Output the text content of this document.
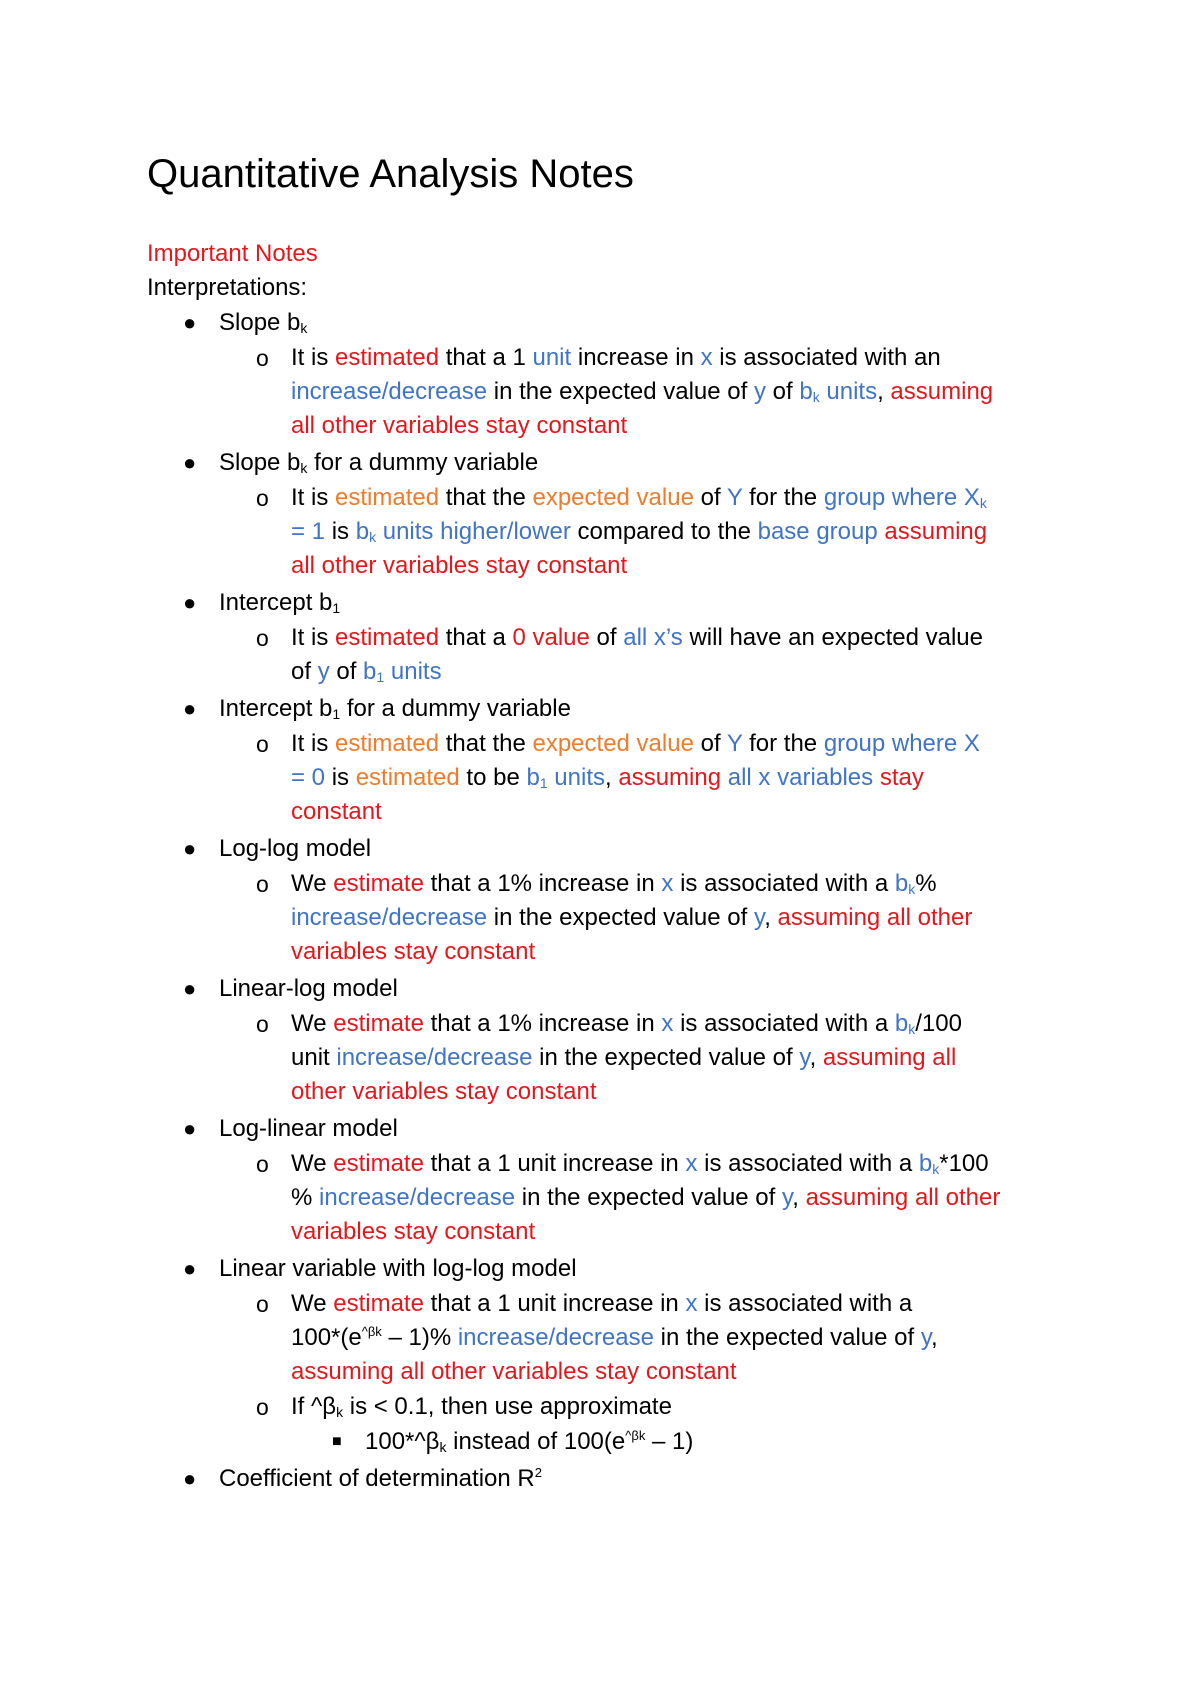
Quantitative Analysis Notes
Important Notes
Interpretations:
● Slope $b_k$
o It is estimated that a 1 unit increase in x is associated with an
increase/decrease in the expected value of y of $b_k$ units, assuming
all other variables stay constant
● Slope $b_k$ for a dummy variable
o It is estimated that the expected value of Y for the group where $X_k$
= 1 is $b_k$ units higher/lower compared to the base group assuming
all other variables stay constant
● Intercept $b_1$
o It is estimated that a 0 value of all x’s will have an expected value
of y of $b_1$ units
● Intercept $b_1$ for a dummy variable
o It is estimated that the expected value of Y for the group where X
= 0 is estimated to be $b_1$ units, assuming all x variables stay
constant
● Log-log model
o We estimate that a 1% increase in x is associated with a $b_k\%$
increase/decrease in the expected value of y, assuming all other
variables stay constant
● Linear-log model
o We estimate that a 1% increase in x is associated with a $b_k/100$
unit increase/decrease in the expected value of y, assuming all
other variables stay constant
● Log-linear model
o We estimate that a 1 unit increase in x is associated with a $b_k*100$
% increase/decrease in the expected value of y, assuming all other
variables stay constant
● Linear variable with log-log model
o We estimate that a 1 unit increase in x is associated with a
$100*(e^{\^{}\beta k} - 1)\%$ increase/decrease in the expected value of y,
assuming all other variables stay constant
o If $\^{}\beta_k$ is < 0.1, then use approximate
■ $100*\^{}\beta_k$ instead of $100(e^{\^{}\beta k} - 1)$
● Coefficient of determination $R^2$
